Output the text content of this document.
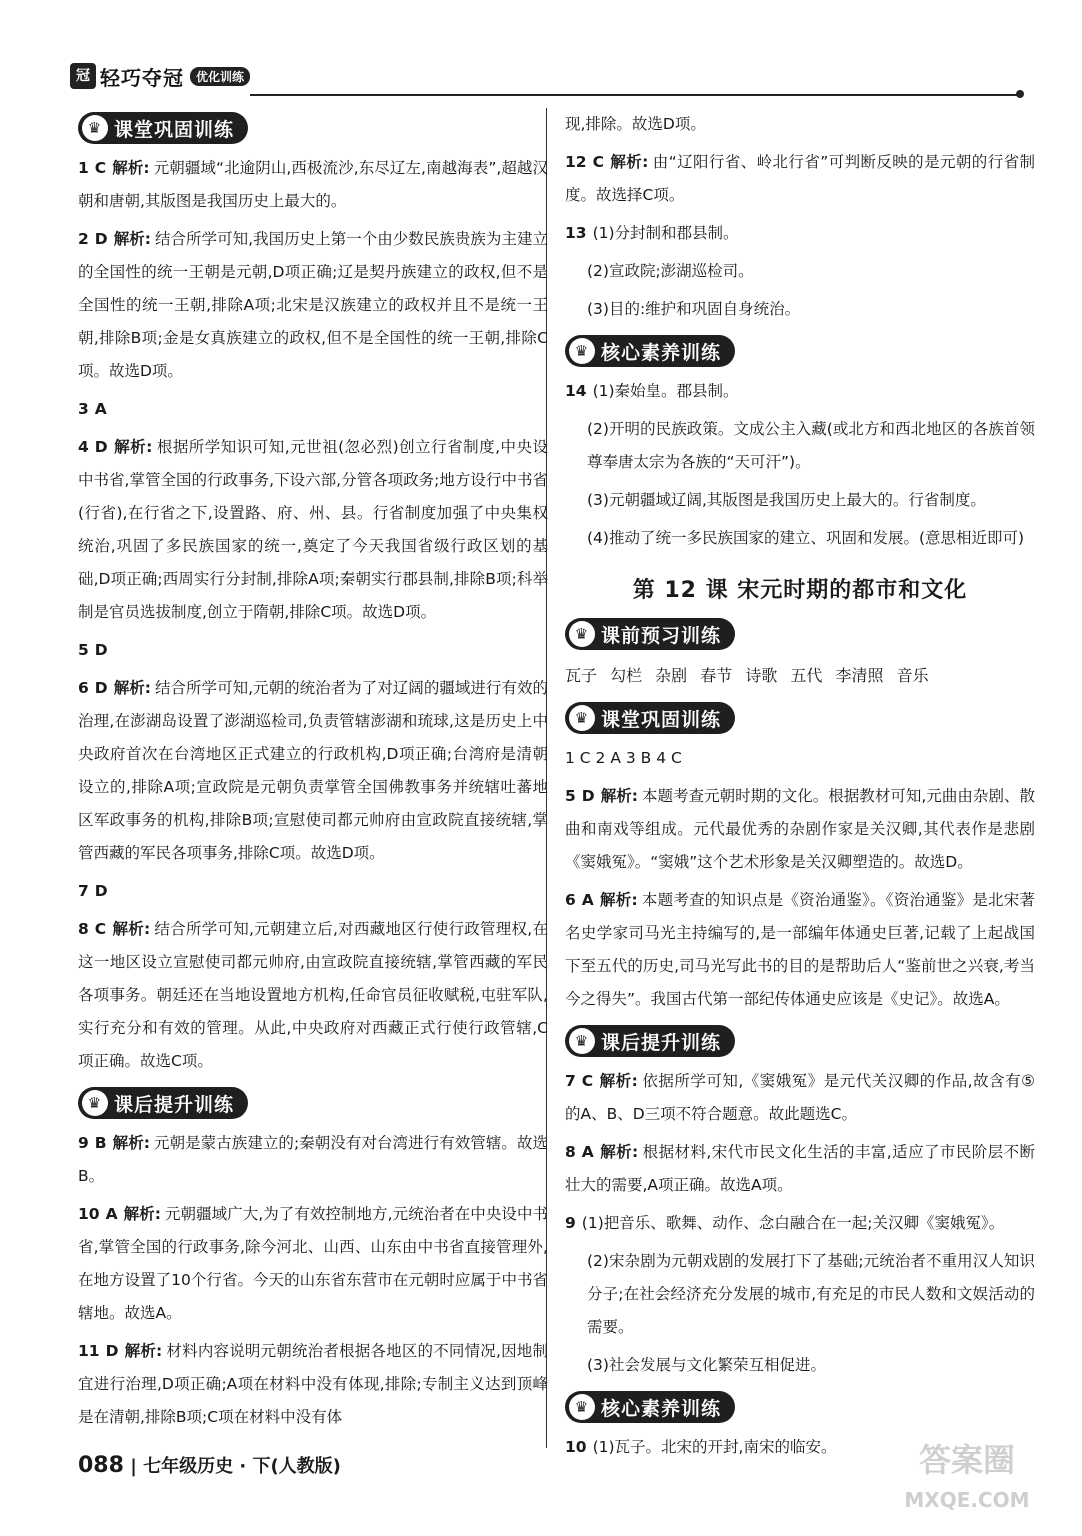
冠 轻巧夺冠	优化训练
♛ 课堂巩固训练

1 C 解析: 元朝疆域“北逾阴山,西极流沙,东尽辽左,南越海表”,超越汉朝和唐朝,其版图是我国历史上最大的。

2 D 解析: 结合所学可知,我国历史上第一个由少数民族贵族为主建立的全国性的统一王朝是元朝,D项正确;辽是契丹族建立的政权,但不是全国性的统一王朝,排除A项;北宋是汉族建立的政权并且不是统一王朝,排除B项;金是女真族建立的政权,但不是全国性的统一王朝,排除C项。故选D项。

3 A

4 D 解析: 根据所学知识可知,元世祖(忽必烈)创立行省制度,中央设中书省,掌管全国的行政事务,下设六部,分管各项政务;地方设行中书省(行省),在行省之下,设置路、府、州、县。行省制度加强了中央集权统治,巩固了多民族国家的统一,奠定了今天我国省级行政区划的基础,D项正确;西周实行分封制,排除A项;秦朝实行郡县制,排除B项;科举制是官员选拔制度,创立于隋朝,排除C项。故选D项。

5 D

6 D 解析: 结合所学可知,元朝的统治者为了对辽阔的疆域进行有效的治理,在澎湖岛设置了澎湖巡检司,负责管辖澎湖和琉球,这是历史上中央政府首次在台湾地区正式建立的行政机构,D项正确;台湾府是清朝设立的,排除A项;宣政院是元朝负责掌管全国佛教事务并统辖吐蕃地区军政事务的机构,排除B项;宣慰使司都元帅府由宣政院直接统辖,掌管西藏的军民各项事务,排除C项。故选D项。

7 D

8 C 解析: 结合所学可知,元朝建立后,对西藏地区行使行政管理权,在这一地区设立宣慰使司都元帅府,由宣政院直接统辖,掌管西藏的军民各项事务。朝廷还在当地设置地方机构,任命官员征收赋税,屯驻军队,实行充分和有效的管理。从此,中央政府对西藏正式行使行政管辖,C项正确。故选C项。

♛ 课后提升训练

9 B 解析: 元朝是蒙古族建立的;秦朝没有对台湾进行有效管辖。故选B。

10 A 解析: 元朝疆域广大,为了有效控制地方,元统治者在中央设中书省,掌管全国的行政事务,除今河北、山西、山东由中书省直接管理外,在地方设置了10个行省。今天的山东省东营市在元朝时应属于中书省辖地。故选A。

11 D 解析: 材料内容说明元朝统治者根据各地区的不同情况,因地制宜进行治理,D项正确;A项在材料中没有体现,排除;专制主义达到顶峰是在清朝,排除B项;C项在材料中没有体

现,排除。故选D项。

12 C 解析: 由“辽阳行省、岭北行省”可判断反映的是元朝的行省制度。故选择C项。

13 (1)分封制和郡县制。

(2)宣政院;澎湖巡检司。

(3)目的:维护和巩固自身统治。

♛ 核心素养训练

14 (1)秦始皇。郡县制。

(2)开明的民族政策。文成公主入藏(或北方和西北地区的各族首领尊奉唐太宗为各族的“天可汗”)。

(3)元朝疆域辽阔,其版图是我国历史上最大的。行省制度。

(4)推动了统一多民族国家的建立、巩固和发展。(意思相近即可)

第 12 课 宋元时期的都市和文化
♛ 课前预习训练

瓦子 勾栏 杂剧 春节 诗歌 五代 李清照 音乐

♛ 课堂巩固训练

1 C 2 A 3 B 4 C

5 D 解析: 本题考查元朝时期的文化。根据教材可知,元曲由杂剧、散曲和南戏等组成。元代最优秀的杂剧作家是关汉卿,其代表作是悲剧《窦娥冤》。“窦娥”这个艺术形象是关汉卿塑造的。故选D。

6 A 解析: 本题考查的知识点是《资治通鉴》。《资治通鉴》是北宋著名史学家司马光主持编写的,是一部编年体通史巨著,记载了上起战国下至五代的历史,司马光写此书的目的是帮助后人“鉴前世之兴衰,考当今之得失”。我国古代第一部纪传体通史应该是《史记》。故选A。

♛ 课后提升训练

7 C 解析: 依据所学可知,《窦娥冤》是元代关汉卿的作品,故含有⑤的A、B、D三项不符合题意。故此题选C。

8 A 解析: 根据材料,宋代市民文化生活的丰富,适应了市民阶层不断壮大的需要,A项正确。故选A项。

9 (1)把音乐、歌舞、动作、念白融合在一起;关汉卿《窦娥冤》。

(2)宋杂剧为元朝戏剧的发展打下了基础;元统治者不重用汉人知识分子;在社会经济充分发展的城市,有充足的市民人数和文娱活动的需要。

(3)社会发展与文化繁荣互相促进。

♛ 核心素养训练

10 (1)瓦子。北宋的开封,南宋的临安。

088 | 七年级历史 · 下(人教版)	答案圈
MXQE.COM
